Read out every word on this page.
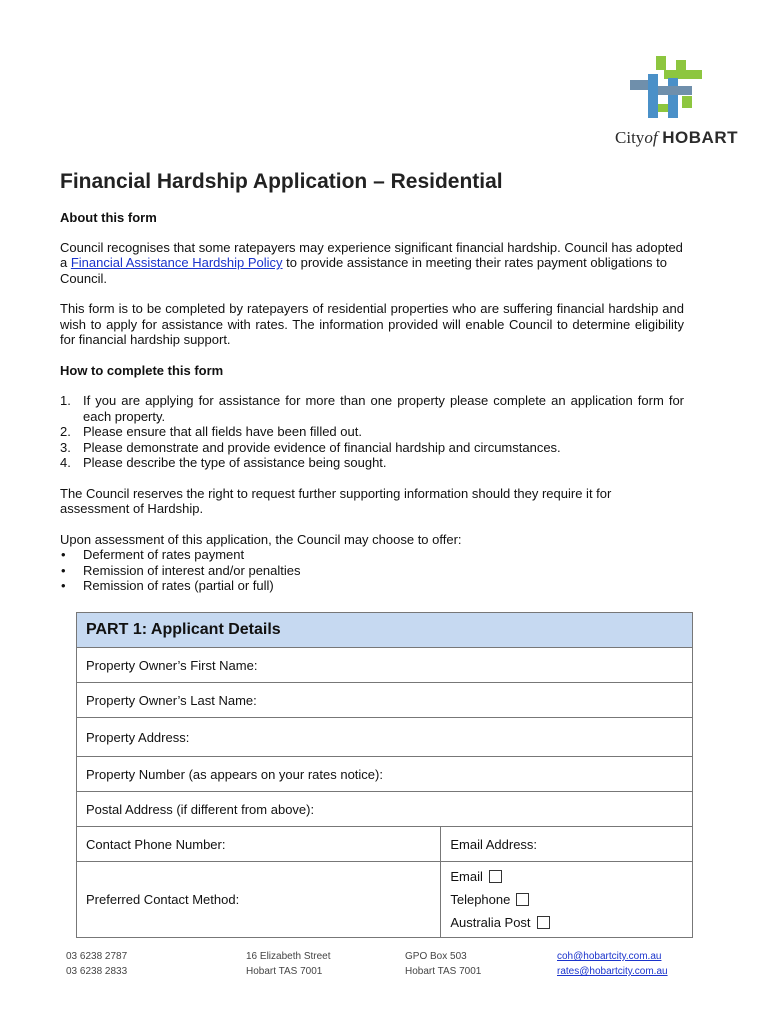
Cityof HOBART
Financial Hardship Application – Residential

About this form

Council recognises that some ratepayers may experience significant financial hardship. Council has adopted a Financial Assistance Hardship Policy to provide assistance in meeting their rates payment obligations to Council.

This form is to be completed by ratepayers of residential properties who are suffering financial hardship and wish to apply for assistance with rates. The information provided will enable Council to determine eligibility for financial hardship support.

How to complete this form

1. If you are applying for assistance for more than one property please complete an application form for each property.
2. Please ensure that all fields have been filled out.
3. Please demonstrate and provide evidence of financial hardship and circumstances.
4. Please describe the type of assistance being sought.

The Council reserves the right to request further supporting information should they require it for assessment of Hardship.

Upon assessment of this application, the Council may choose to offer:

• Deferment of rates payment
• Remission of interest and/or penalties
• Remission of rates (partial or full)
PART 1: Applicant Details	
Property Owner’s First Name:	
Property Owner’s Last Name:	
Property Address:	
Property Number (as appears on your rates notice):	
Postal Address (if different from above):	
Contact Phone Number:	Email Address:
Preferred Contact Method:	Email
Telephone
Australia Post
03 6238 2787
03 6238 2833
16 Elizabeth Street
Hobart TAS 7001
GPO Box 503
Hobart TAS 7001
coh@hobartcity.com.au
rates@hobartcity.com.au
